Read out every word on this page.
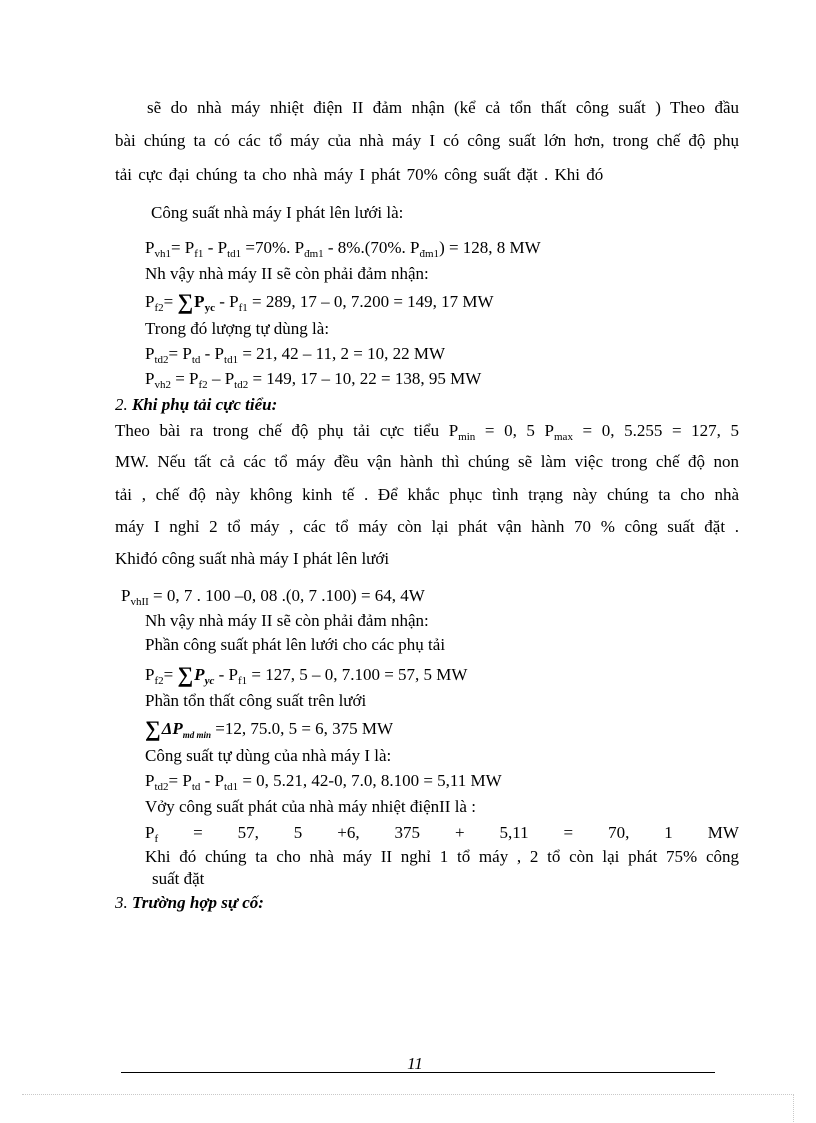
sẽ do nhà máy nhiệt điện II đảm nhận (kể cả tổn thất công suất ) Theo đầu
bài chúng ta có các tổ máy của nhà máy I có công suất lớn hơn, trong chế độ phụ
tải cực đại chúng ta cho nhà máy I phát 70% công suất đặt . Khi đó
Công suất nhà máy I phát lên lưới là:
$P_{vh1}= P_{f1} - P_{td1} =70\%$. $P_{đm1} - 8\%.(70\%$. $P_{đm1}) = 128$, 8 MW
Nh vậy nhà máy II sẽ còn phải đảm nhận:
$P_{f2}= \sum P_{yc} - P_{f1} = 289$, 17 – 0, 7.200 = 149, 17 MW
Trong đó lượng tự dùng là:
$P_{td2}= P_{td} - P_{td1} = 21$, 42 – 11, 2 = 10, 22 MW
$P_{vh2} = P_{f2} - P_{td2} = 149$, 17 – 10, 22 = 138, 95 MW
2. Khi phụ tải cực tiểu:
Theo bài ra trong chế độ phụ tải cực tiểu $P_{min} = 0$, 5 $P_{max} = 0$, 5.255 = 127, 5
MW. Nếu tất cả các tổ máy đều vận hành thì chúng sẽ làm việc trong chế độ non
tải , chế độ này không kinh tế . Để khắc phục tình trạng này chúng ta cho nhà
máy I nghỉ 2 tổ máy , các tổ máy còn lại phát vận hành 70 % công suất đặt .
Khiđó công suất nhà máy I phát lên lưới
$P_{vhII} = 0$, 7 . 100 –0, 08 .(0, 7 .100) = 64, 4W
Nh vậy nhà máy II sẽ còn phải đảm nhận:
Phần công suất phát lên lưới cho các phụ tải
$P_{f2}= \sum P_{yc} - P_{f1} = 127$, 5 – 0, 7.100 = 57, 5 MW
Phần tổn thất công suất trên lưới
$\sum\Delta P_{md min} =12$, 75.0, 5 = 6, 375 MW
Công suất tự dùng của nhà máy I là:
$P_{td2}= P_{td} - P_{td1} = 0$, 5.21, 42-0, 7.0, 8.100 = 5,11 MW
Vởy công suất phát của nhà máy nhiệt điệnII là :
$P_f = 57$, 5 +6, 375 + 5,11 = 70, 1 MW
Khi đó chúng ta cho nhà máy II nghỉ 1 tổ máy , 2 tổ còn lại phát 75% công
suất đặt
3. Trường hợp sự cố:
11
